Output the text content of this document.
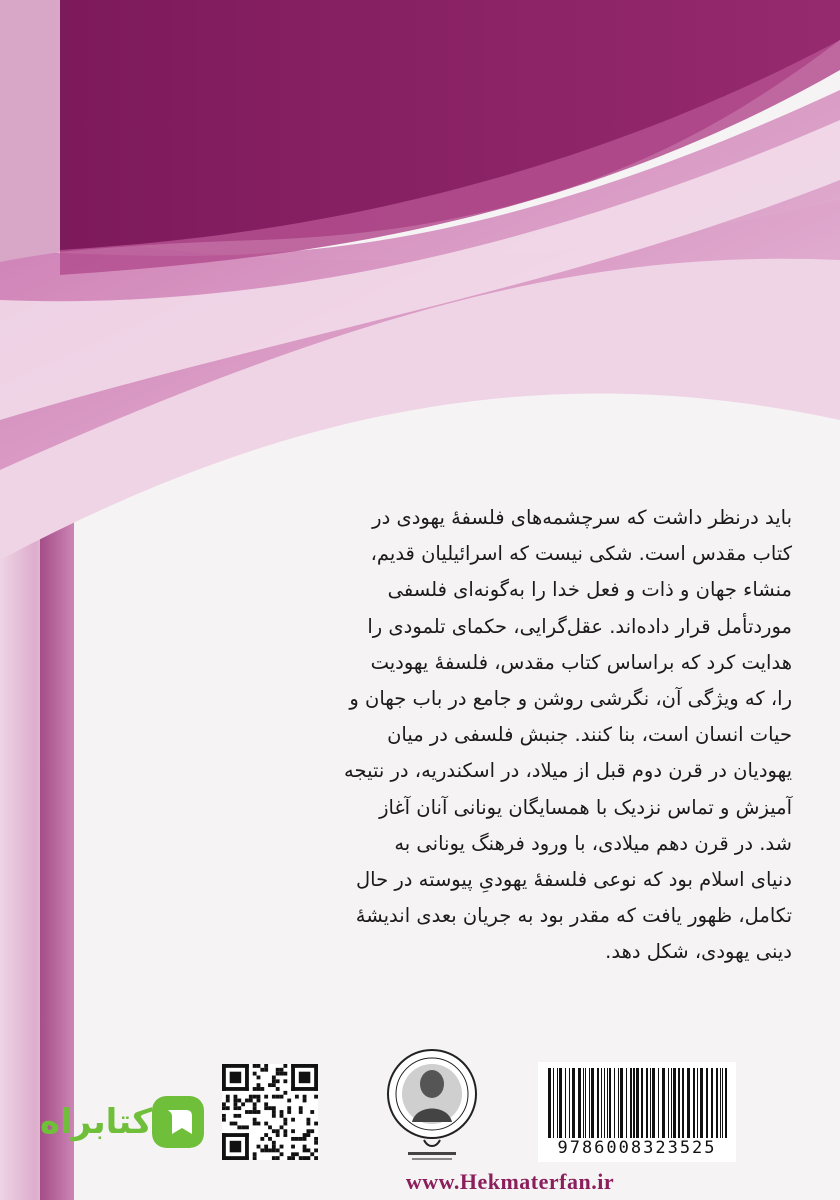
باید درنظر داشت که سرچشمه‌های فلسفهٔ یهودی در
کتاب مقدس است. شکی نیست که اسرائیلیان قدیم،
منشاء جهان و ذات و فعل خدا را به‌گونه‌ای فلسفی
موردتأمل قرار داده‌اند. عقل‌گرایی، حکمای تلمودی را
هدایت کرد که براساس کتاب مقدس، فلسفهٔ یهودیت
را، که ویژگی آن، نگرشی روشن و جامع در باب جهان و
حیات انسان است، بنا کنند. جنبش فلسفی در میان
یهودیان در قرن دوم قبل از میلاد، در اسکندریه، در نتیجه
آمیزش و تماس نزدیک با همسایگان یونانی آنان آغاز
شد. در قرن دهم میلادی، با ورود فرهنگ یونانی به
دنیای اسلام بود که نوعی فلسفهٔ یهودیِ پیوسته در حال
تکامل، ظهور یافت که مقدر بود به جریان بعدی اندیشهٔ
دینی یهودی، شکل دهد.
9786008323525
کتابراه
www.Hekmaterfan.ir
